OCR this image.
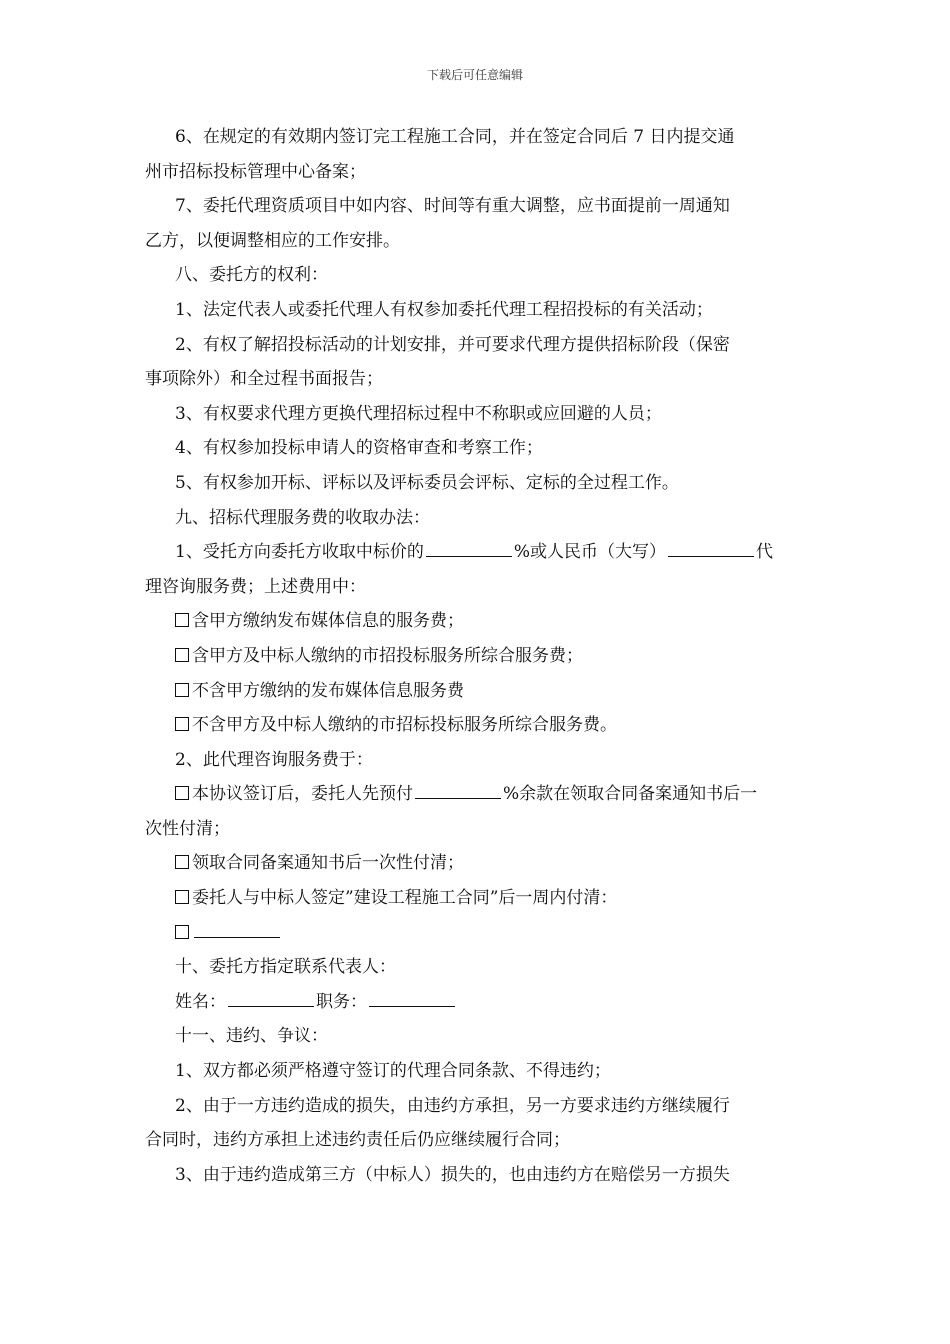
下载后可任意编辑
6、在规定的有效期内签订完工程施工合同，并在签定合同后 7 日内提交通
州市招标投标管理中心备案；
7、委托代理资质项目中如内容、时间等有重大调整，应书面提前一周通知
乙方，以便调整相应的工作安排。
八、委托方的权利：
1、法定代表人或委托代理人有权参加委托代理工程招投标的有关活动；
2、有权了解招投标活动的计划安排，并可要求代理方提供招标阶段（保密
事项除外）和全过程书面报告；
3、有权要求代理方更换代理招标过程中不称职或应回避的人员；
4、有权参加投标申请人的资格审查和考察工作；
5、有权参加开标、评标以及评标委员会评标、定标的全过程工作。
九、招标代理服务费的收取办法：
1、受托方向委托方收取中标价的	%或人民币（大写）	代
理咨询服务费；上述费用中：
含甲方缴纳发布媒体信息的服务费；
含甲方及中标人缴纳的市招投标服务所综合服务费；
不含甲方缴纳的发布媒体信息服务费
不含甲方及中标人缴纳的市招标投标服务所综合服务费。
2、此代理咨询服务费于：
本协议签订后，委托人先预付	%余款在领取合同备案通知书后一
次性付清；
领取合同备案通知书后一次性付清；
委托人与中标人签定”建设工程施工合同”后一周内付清：
十、委托方指定联系代表人：
姓名：	职务：
十一、违约、争议：
1、双方都必须严格遵守签订的代理合同条款、不得违约；
2、由于一方违约造成的损失，由违约方承担，另一方要求违约方继续履行
合同时，违约方承担上述违约责任后仍应继续履行合同；
3、由于违约造成第三方（中标人）损失的，也由违约方在赔偿另一方损失
